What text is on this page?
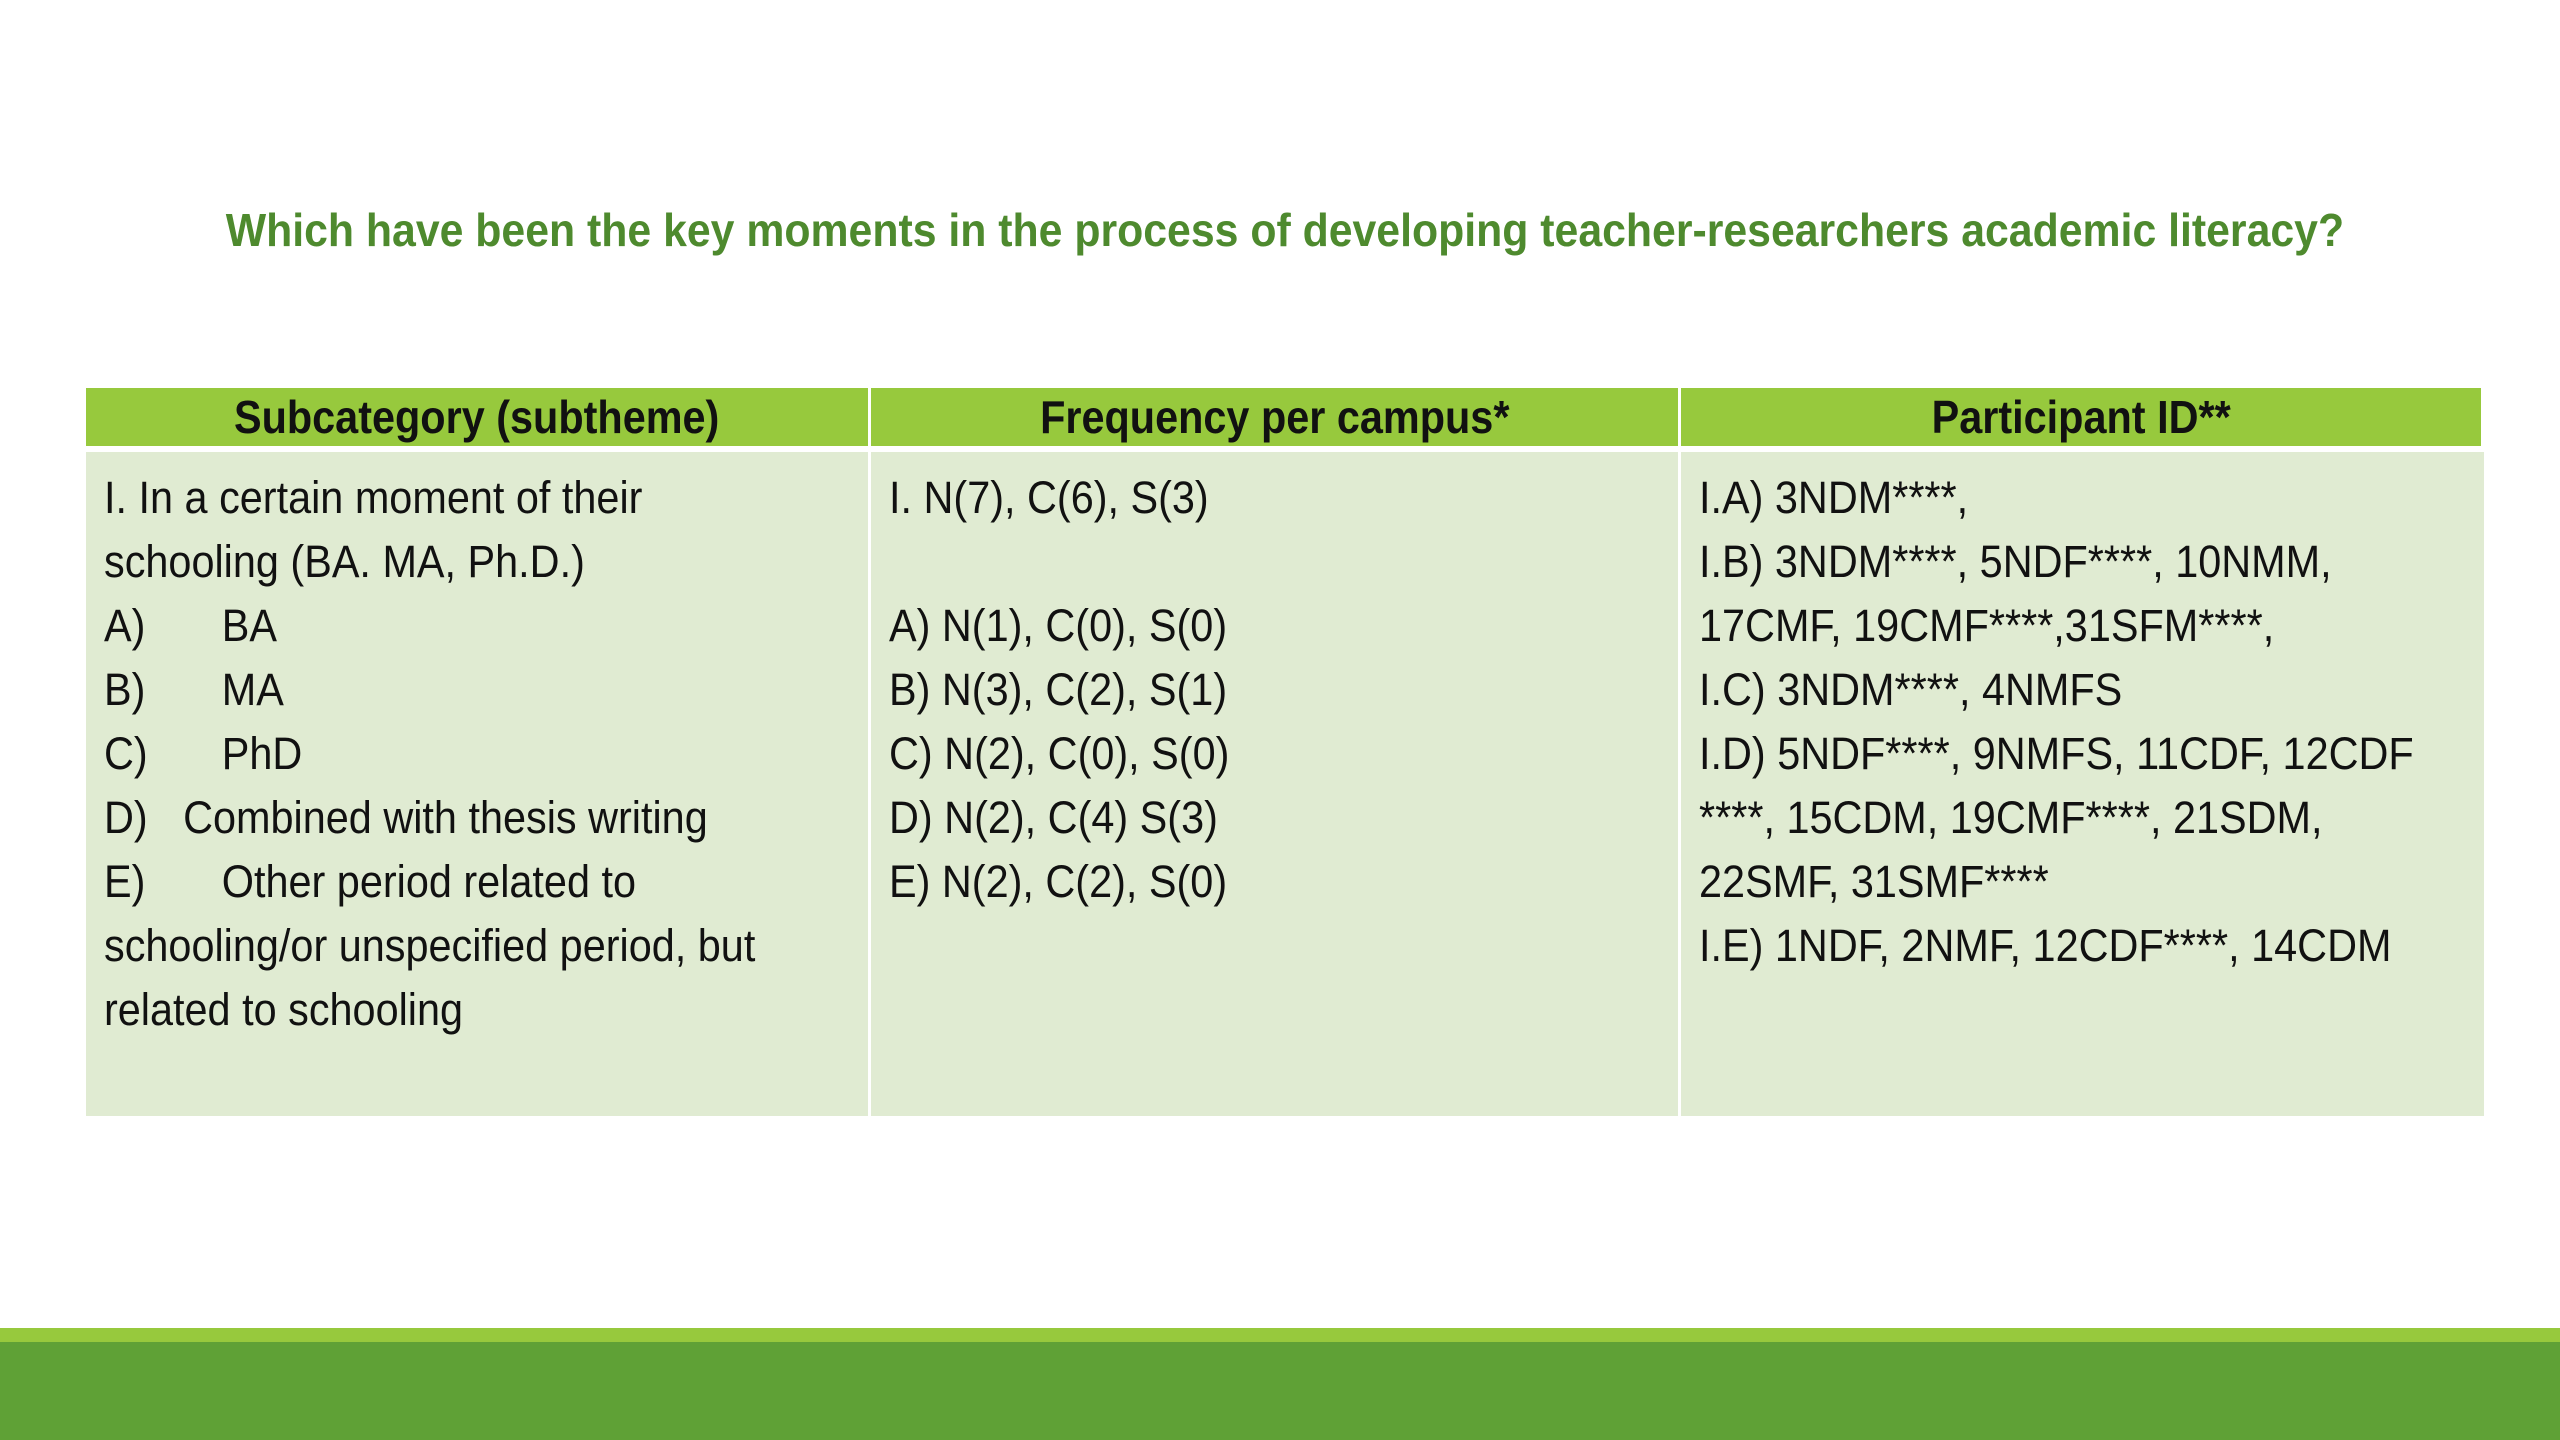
Which have been the key moments in the process of developing teacher-researchers academic literacy?
Subcategory (subtheme)	Frequency per campus*	Participant ID**
I. In a certain moment of their
schooling (BA. MA, Ph.D.)
A) BA
B) MA
C) PhD
D) Combined with thesis writing
E) Other period related to
schooling/or unspecified period, but
related to schooling
I. N(7), C(6), S(3)
A) N(1), C(0), S(0)
B) N(3), C(2), S(1)
C) N(2), C(0), S(0)
D) N(2), C(4) S(3)
E) N(2), C(2), S(0)
I.A) 3NDM****,
I.B) 3NDM****, 5NDF****, 10NMM,
17CMF, 19CMF****,31SFM****,
I.C) 3NDM****, 4NMFS
I.D) 5NDF****, 9NMFS, 11CDF, 12CDF
****, 15CDM, 19CMF****, 21SDM,
22SMF, 31SMF****
I.E) 1NDF, 2NMF, 12CDF****, 14CDM
